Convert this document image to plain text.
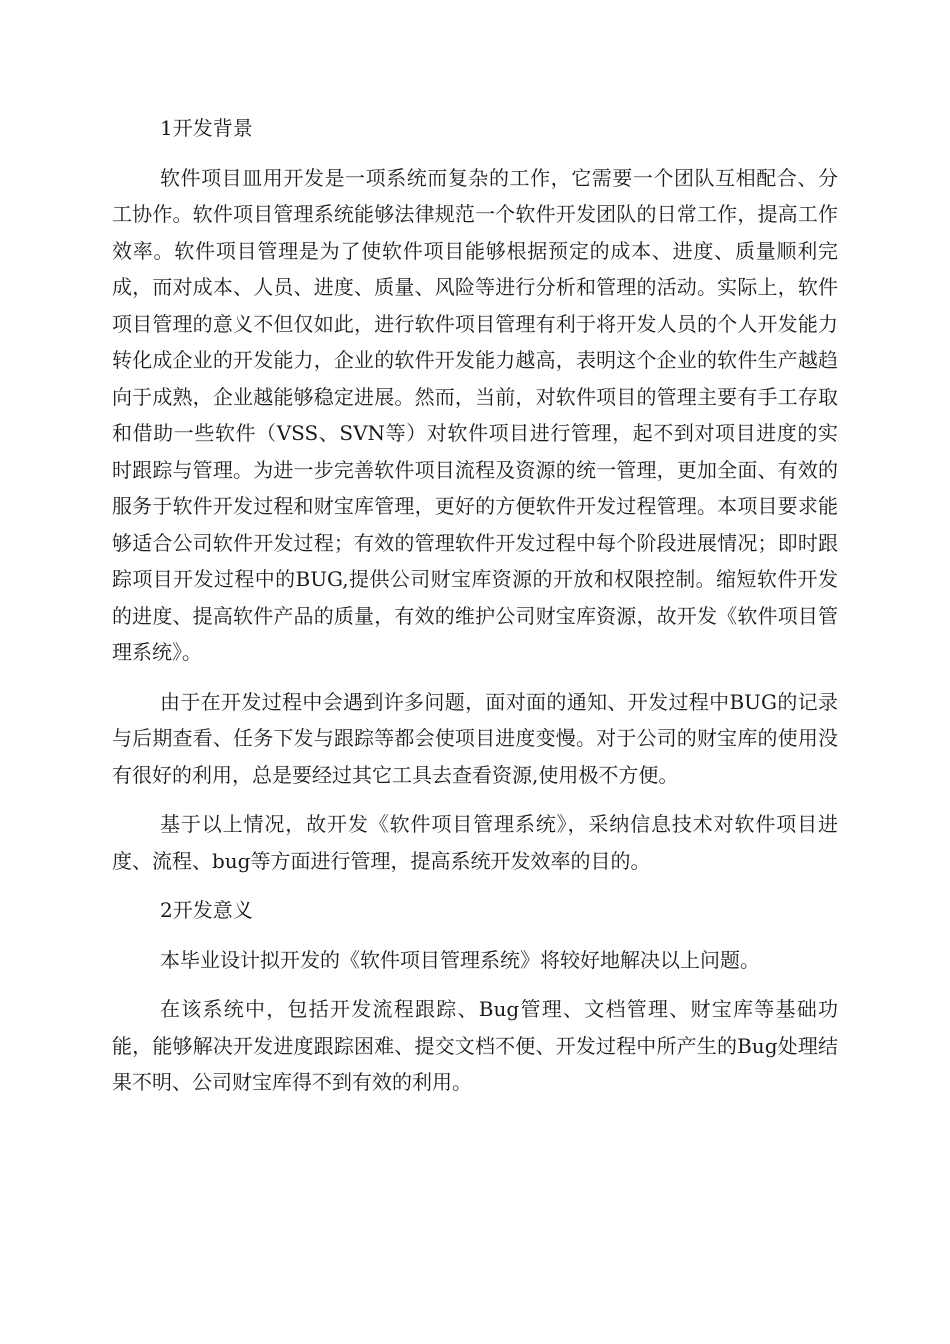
1开发背景

软件项目皿用开发是一项系统而复杂的工作，它需要一个团队互相配合、分工协作。软件项目管理系统能够法律规范一个软件开发团队的日常工作，提高工作效率。软件项目管理是为了使软件项目能够根据预定的成本、进度、质量顺利完成，而对成本、人员、进度、质量、风险等进行分析和管理的活动。实际上，软件项目管理的意义不但仅如此，进行软件项目管理有利于将开发人员的个人开发能力转化成企业的开发能力，企业的软件开发能力越高，表明这个企业的软件生产越趋向于成熟，企业越能够稳定进展。然而，当前，对软件项目的管理主要有手工存取和借助一些软件（VSS、SVN等）对软件项目进行管理，起不到对项目进度的实时跟踪与管理。为进一步完善软件项目流程及资源的统一管理，更加全面、有效的服务于软件开发过程和财宝库管理，更好的方便软件开发过程管理。本项目要求能够适合公司软件开发过程；有效的管理软件开发过程中每个阶段进展情况；即时跟踪项目开发过程中的BUG,提供公司财宝库资源的开放和权限控制。缩短软件开发的进度、提高软件产品的质量，有效的维护公司财宝库资源，故开发《软件项目管理系统》。

由于在开发过程中会遇到许多问题，面对面的通知、开发过程中BUG的记录与后期查看、任务下发与跟踪等都会使项目进度变慢。对于公司的财宝库的使用没有很好的利用，总是要经过其它工具去查看资源,使用极不方便。

基于以上情况，故开发《软件项目管理系统》，采纳信息技术对软件项目进度、流程、bug等方面进行管理，提高系统开发效率的目的。

2开发意义

本毕业设计拟开发的《软件项目管理系统》将较好地解决以上问题。

在该系统中，包括开发流程跟踪、Bug管理、文档管理、财宝库等基础功能，能够解决开发进度跟踪困难、提交文档不便、开发过程中所产生的Bug处理结果不明、公司财宝库得不到有效的利用。
